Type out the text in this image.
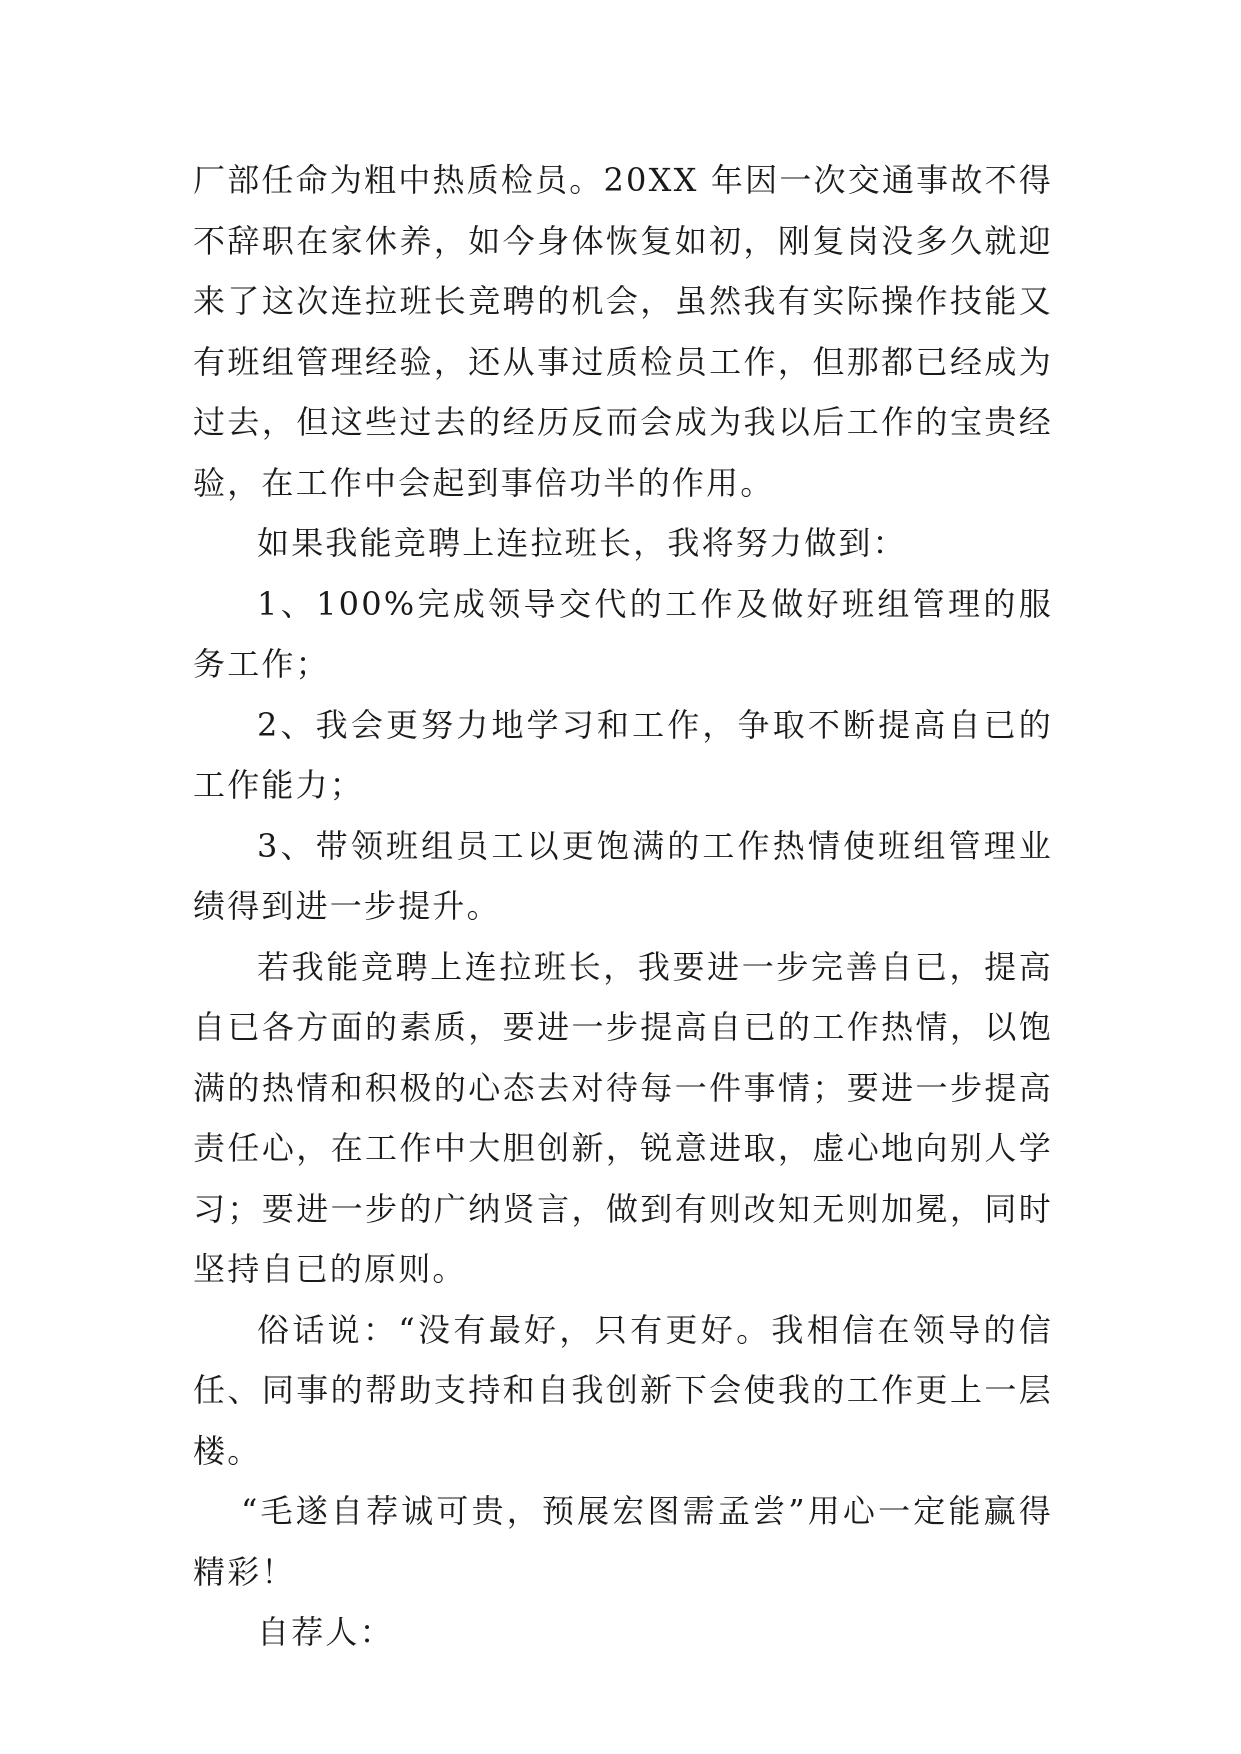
厂部任命为粗中热质检员。20XX 年因一次交通事故不得不辞职在家休养，如今身体恢复如初，刚复岗没多久就迎来了这次连拉班长竞聘的机会，虽然我有实际操作技能又有班组管理经验，还从事过质检员工作，但那都已经成为过去，但这些过去的经历反而会成为我以后工作的宝贵经验，在工作中会起到事倍功半的作用。

如果我能竞聘上连拉班长，我将努力做到：

1、100%完成领导交代的工作及做好班组管理的服务工作；

2、我会更努力地学习和工作，争取不断提高自已的工作能力；

3、带领班组员工以更饱满的工作热情使班组管理业绩得到进一步提升。

若我能竞聘上连拉班长，我要进一步完善自已，提高自已各方面的素质，要进一步提高自已的工作热情，以饱满的热情和积极的心态去对待每一件事情；要进一步提高责任心，在工作中大胆创新，锐意进取，虚心地向别人学习；要进一步的广纳贤言，做到有则改知无则加冕，同时坚持自已的原则。

俗话说：“没有最好，只有更好。我相信在领导的信任、同事的帮助支持和自我创新下会使我的工作更上一层楼。

“毛遂自荐诚可贵，预展宏图需孟尝”用心一定能赢得精彩！

自荐人：
